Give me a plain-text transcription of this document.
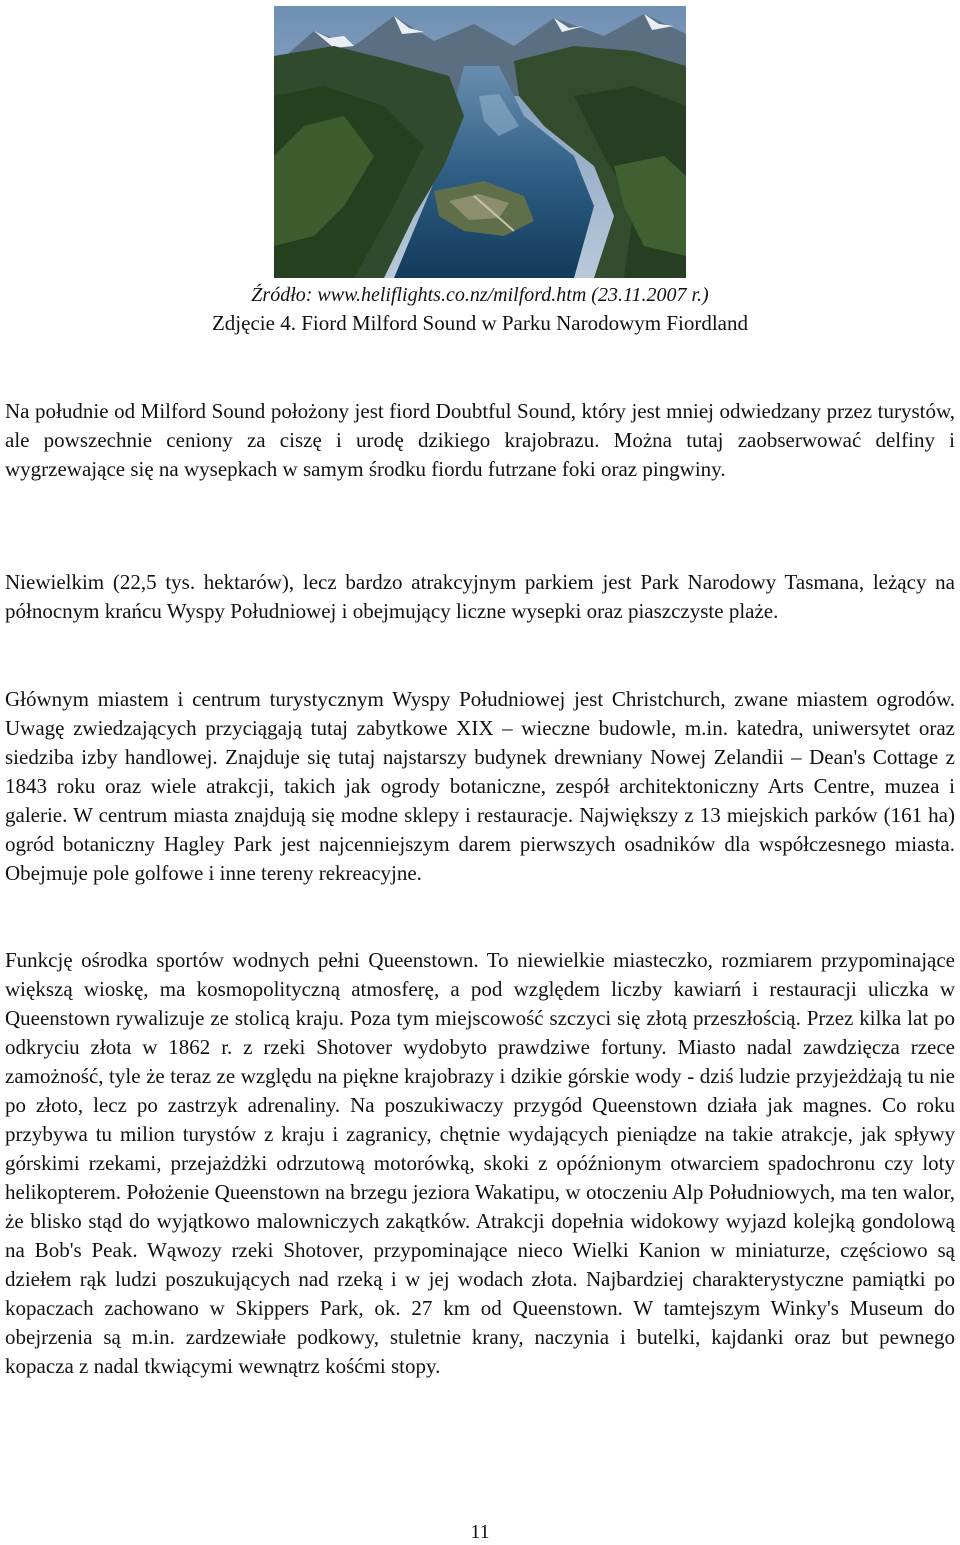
Źródło: www.heliflights.co.nz/milford.htm (23.11.2007 r.)
Zdjęcie 4. Fiord Milford Sound w Parku Narodowym Fiordland

Na południe od Milford Sound położony jest fiord Doubtful Sound, który jest mniej odwiedzany przez turystów, ale powszechnie ceniony za ciszę i urodę dzikiego krajobrazu. Można tutaj zaobserwować delfiny i wygrzewające się na wysepkach w samym środku fiordu futrzane foki oraz pingwiny.

Niewielkim (22,5 tys. hektarów), lecz bardzo atrakcyjnym parkiem jest Park Narodowy Tasmana, leżący na północnym krańcu Wyspy Południowej i obejmujący liczne wysepki oraz piaszczyste plaże.

Głównym miastem i centrum turystycznym Wyspy Południowej jest Christchurch, zwane miastem ogrodów. Uwagę zwiedzających przyciągają tutaj zabytkowe XIX – wieczne budowle, m.in. katedra, uniwersytet oraz siedziba izby handlowej. Znajduje się tutaj najstarszy budynek drewniany Nowej Zelandii – Dean's Cottage z 1843 roku oraz wiele atrakcji, takich jak ogrody botaniczne, zespół architektoniczny Arts Centre, muzea i galerie. W centrum miasta znajdują się modne sklepy i restauracje. Największy z 13 miejskich parków (161 ha) ogród botaniczny Hagley Park jest najcenniejszym darem pierwszych osadników dla współczesnego miasta. Obejmuje pole golfowe i inne tereny rekreacyjne.

Funkcję ośrodka sportów wodnych pełni Queenstown. To niewielkie miasteczko, rozmiarem przypominające większą wioskę, ma kosmopolityczną atmosferę, a pod względem liczby kawiarń i restauracji uliczka w Queenstown rywalizuje ze stolicą kraju. Poza tym miejscowość szczyci się złotą przeszłością. Przez kilka lat po odkryciu złota w 1862 r. z rzeki Shotover wydobyto prawdziwe fortuny. Miasto nadal zawdzięcza rzece zamożność, tyle że teraz ze względu na piękne krajobrazy i dzikie górskie wody - dziś ludzie przyjeżdżają tu nie po złoto, lecz po zastrzyk adrenaliny. Na poszukiwaczy przygód Queenstown działa jak magnes. Co roku przybywa tu milion turystów z kraju i zagranicy, chętnie wydających pieniądze na takie atrakcje, jak spływy górskimi rzekami, przejażdżki odrzutową motorówką, skoki z opóźnionym otwarciem spadochronu czy loty helikopterem. Położenie Queenstown na brzegu jeziora Wakatipu, w otoczeniu Alp Południowych, ma ten walor, że blisko stąd do wyjątkowo malowniczych zakątków. Atrakcji dopełnia widokowy wyjazd kolejką gondolową na Bob's Peak. Wąwozy rzeki Shotover, przypominające nieco Wielki Kanion w miniaturze, częściowo są dziełem rąk ludzi poszukujących nad rzeką i w jej wodach złota. Najbardziej charakterystyczne pamiątki po kopaczach zachowano w Skippers Park, ok. 27 km od Queenstown. W tamtejszym Winky's Museum do obejrzenia są m.in. zardzewiałe podkowy, stuletnie krany, naczynia i butelki, kajdanki oraz but pewnego kopacza z nadal tkwiącymi wewnątrz kośćmi stopy.

11
